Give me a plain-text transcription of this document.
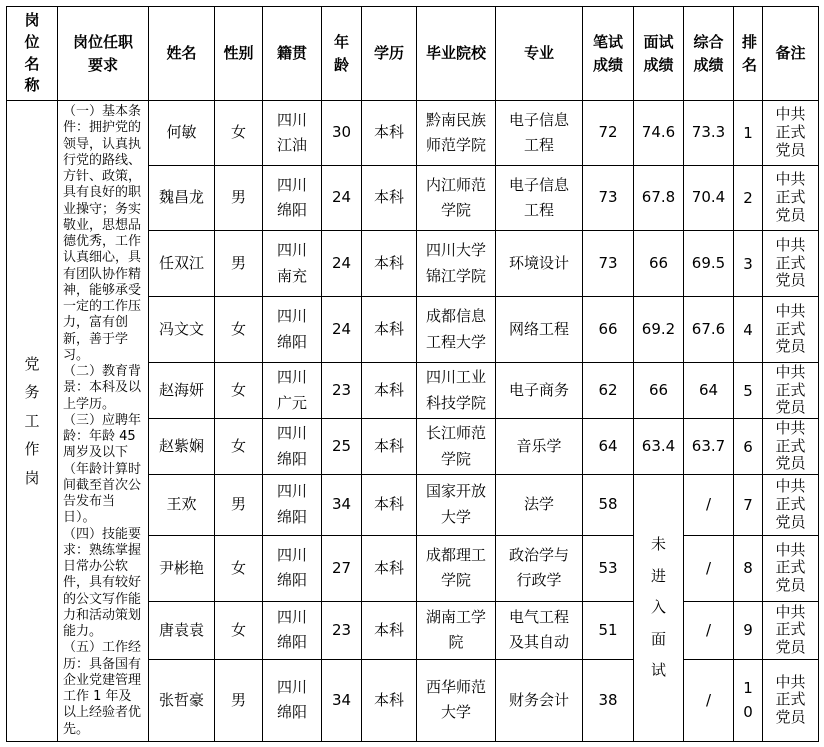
岗位名称	岗位任职要求	姓名	性别	籍贯	年龄	学历	毕业院校	专业	笔试成绩	面试成绩	综合成绩	排名	备注
党务工作岗	（一）基本条件：拥护党的领导，认真执行党的路线、方针、政策，具有良好的职业操守；务实敬业，思想品德优秀，工作认真细心，具有团队协作精神，能够承受一定的工作压力，富有创新，善于学习。

（二）教育背景：本科及以上学历。

（三）应聘年龄：年龄 45 周岁及以下（年龄计算时间截至首次公告发布当日）。

（四）技能要求：熟练掌握日常办公软件，具有较好的公文写作能力和活动策划能力。

（五）工作经历：具备国有企业党建管理工作 1 年及以上经验者优先。	何敏	女	四川江油	30	本科	黔南民族师范学院	电子信息工程	72	74.6	73.3	1	中共正式党员
		魏昌龙	男	四川绵阳	24	本科	内江师范学院	电子信息工程	73	67.8	70.4	2	中共正式党员
		任双江	男	四川南充	24	本科	四川大学锦江学院	环境设计	73	66	69.5	3	中共正式党员
		冯文文	女	四川绵阳	24	本科	成都信息工程大学	网络工程	66	69.2	67.6	4	中共正式党员
		赵海妍	女	四川广元	23	本科	四川工业科技学院	电子商务	62	66	64	5	中共正式党员
		赵紫娴	女	四川绵阳	25	本科	长江师范学院	音乐学	64	63.4	63.7	6	中共正式党员
		王欢	男	四川绵阳	34	本科	国家开放大学	法学	58	未进入面试	/	7	中共正式党员
		尹彬艳	女	四川绵阳	27	本科	成都理工学院	政治学与行政学	53		/	8	中共正式党员
		唐袁袁	女	四川绵阳	23	本科	湖南工学院	电气工程及其自动	51		/	9	中共正式党员
		张哲豪	男	四川绵阳	34	本科	西华师范大学	财务会计	38		/	10	中共正式党员
